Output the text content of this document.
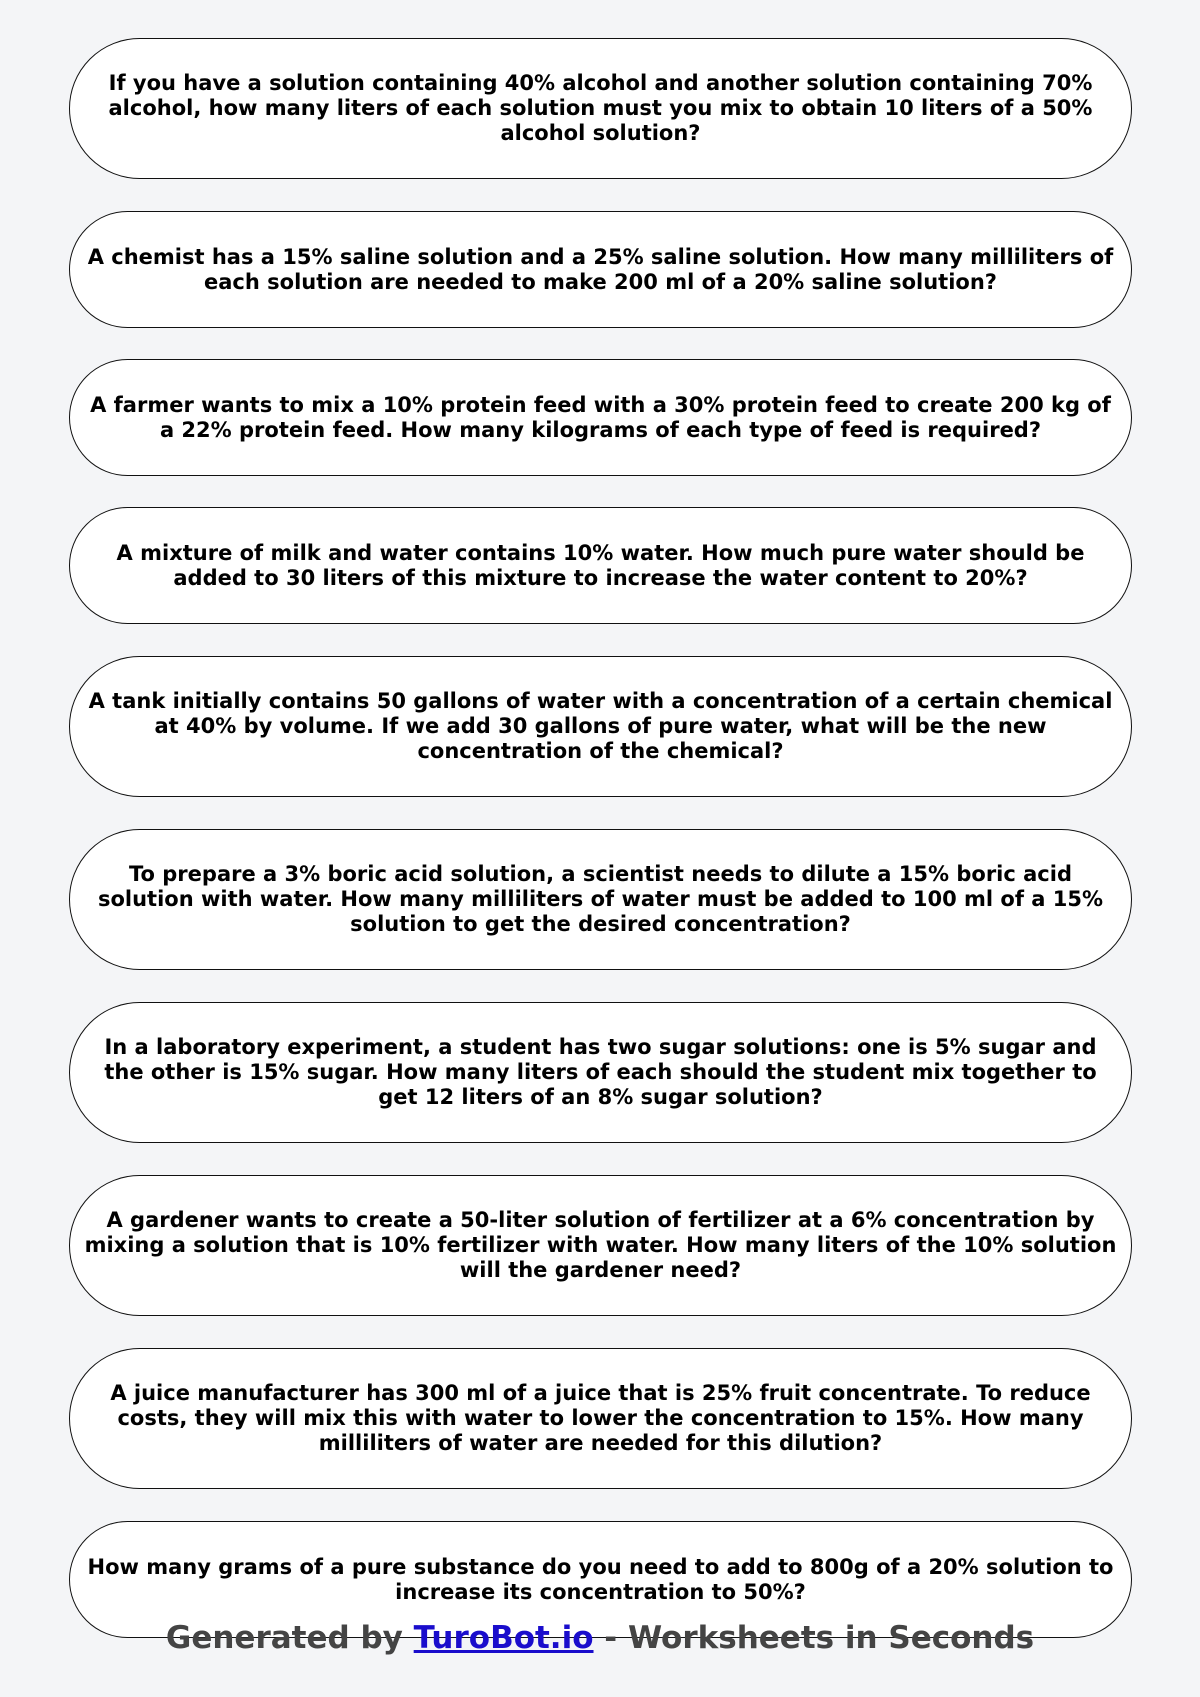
If you have a solution containing 40% alcohol and another solution containing 70% alcohol, how many liters of each solution must you mix to obtain 10 liters of a 50% alcohol solution?
A chemist has a 15% saline solution and a 25% saline solution. How many milliliters of each solution are needed to make 200 ml of a 20% saline solution?
A farmer wants to mix a 10% protein feed with a 30% protein feed to create 200 kg of a 22% protein feed. How many kilograms of each type of feed is required?
A mixture of milk and water contains 10% water. How much pure water should be added to 30 liters of this mixture to increase the water content to 20%?
A tank initially contains 50 gallons of water with a concentration of a certain chemical at 40% by volume. If we add 30 gallons of pure water, what will be the new concentration of the chemical?
To prepare a 3% boric acid solution, a scientist needs to dilute a 15% boric acid solution with water. How many milliliters of water must be added to 100 ml of a 15% solution to get the desired concentration?
In a laboratory experiment, a student has two sugar solutions: one is 5% sugar and the other is 15% sugar. How many liters of each should the student mix together to get 12 liters of an 8% sugar solution?
A gardener wants to create a 50-liter solution of fertilizer at a 6% concentration by mixing a solution that is 10% fertilizer with water. How many liters of the 10% solution will the gardener need?
A juice manufacturer has 300 ml of a juice that is 25% fruit concentrate. To reduce costs, they will mix this with water to lower the concentration to 15%. How many milliliters of water are needed for this dilution?
How many grams of a pure substance do you need to add to 800g of a 20% solution to increase its concentration to 50%?
Generated by TuroBot.io - Worksheets in Seconds
